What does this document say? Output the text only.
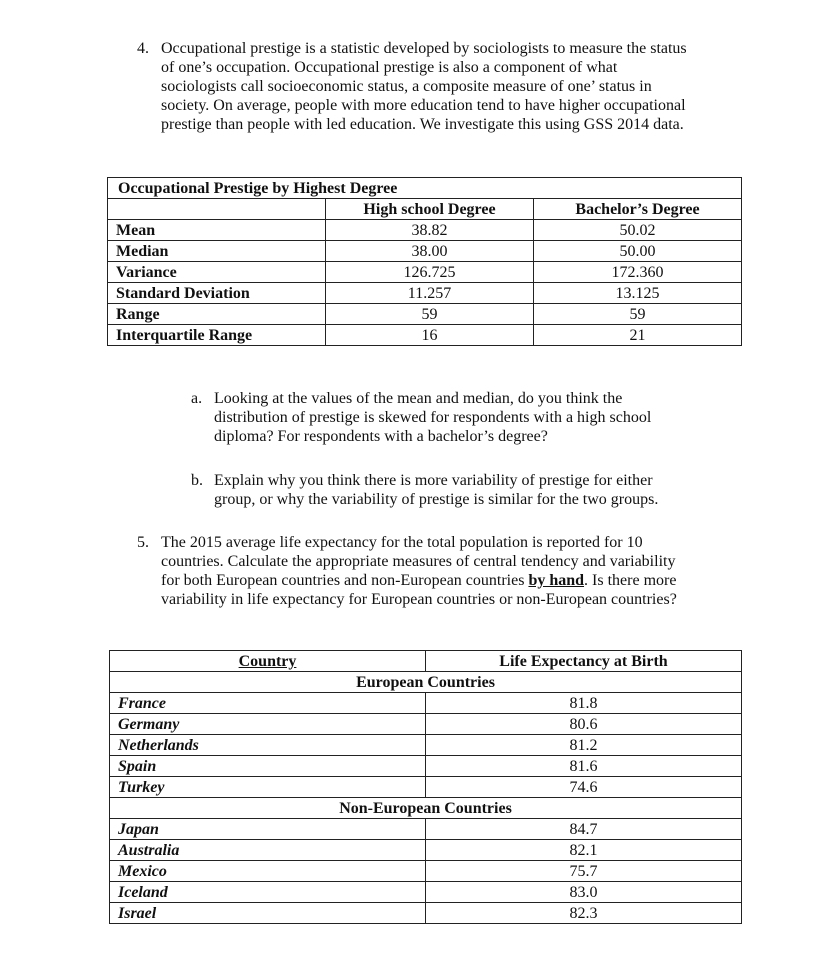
4. Occupational prestige is a statistic developed by sociologists to measure the status
of one’s occupation. Occupational prestige is also a component of what
sociologists call socioeconomic status, a composite measure of one’ status in
society. On average, people with more education tend to have higher occupational
prestige than people with led education. We investigate this using GSS 2014 data.
Occupational Prestige by Highest Degree		
	High school Degree	Bachelor’s Degree
Mean	38.82	50.02
Median	38.00	50.00
Variance	126.725	172.360
Standard Deviation	11.257	13.125
Range	59	59
Interquartile Range	16	21
a. Looking at the values of the mean and median, do you think the
distribution of prestige is skewed for respondents with a high school
diploma? For respondents with a bachelor’s degree?
b. Explain why you think there is more variability of prestige for either
group, or why the variability of prestige is similar for the two groups.
5. The 2015 average life expectancy for the total population is reported for 10
countries. Calculate the appropriate measures of central tendency and variability
for both European countries and non-European countries by hand. Is there more
variability in life expectancy for European countries or non-European countries?
Country	Life Expectancy at Birth
European Countries	
France	81.8
Germany	80.6
Netherlands	81.2
Spain	81.6
Turkey	74.6
Non-European Countries	
Japan	84.7
Australia	82.1
Mexico	75.7
Iceland	83.0
Israel	82.3
